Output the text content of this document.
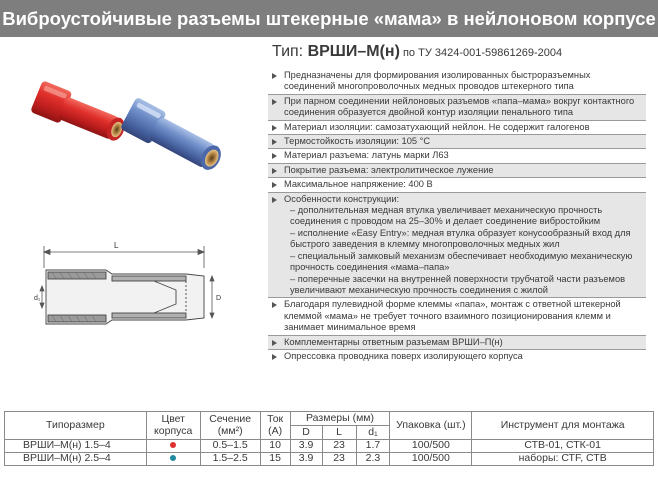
Виброустойчивые разъемы штекерные «мама» в нейлоновом корпусе
Тип: ВРШИ–М(н) по ТУ 3424-001-59861269-2004
L
d₁	D
Предназначены для формирования изолированных быстроразъемных соединений многопроволочных медных проводов штекерного типа
При парном соединении нейлоновых разъемов «папа–мама» вокруг контактного соединения образуется двойной контур изоляции пенального типа
Материал изоляции: самозатухающий нейлон. Не содержит галогенов
Термостойкость изоляции: 105 °С
Материал разъема: латунь марки Л63
Покрытие разъема: электролитическое лужение
Максимальное напряжение: 400 В
Особенности конструкции:
– дополнительная медная втулка увеличивает механическую прочность соединения с проводом на 25–30% и делает соединение вибростойким
– исполнение «Easy Entry»: медная втулка образует конусообразный вход для быстрого заведения в клемму многопроволочных медных жил
– специальный замковый механизм обеспечивает необходимую механическую прочность соединения «мама–папа»
– поперечные засечки на внутренней поверхности трубчатой части разъемов увеличивают механическую прочность соединения с жилой
Благодаря пулевидной форме клеммы «папа», монтаж с ответной штекерной клеммой «мама» не требует точного взаимного позиционирования клемм и занимает минимальное время
Комплементарны ответным разъемам ВРШИ–П(н)
Опрессовка проводника поверх изолирующего корпуса
Типоразмер	Цвет корпуса	Сечение (мм²)	Ток (А)	Размеры (мм)			Упаковка (шт.)	Инструмент для монтажа
				D	L	d₁		
ВРШИ–М(н) 1.5–4		0.5–1.5	10	3.9	23	1.7	100/500	СТВ-01, СТК-01
ВРШИ–М(н) 2.5–4		1.5–2.5	15	3.9	23	2.3	100/500	наборы: СТF, СТВ
